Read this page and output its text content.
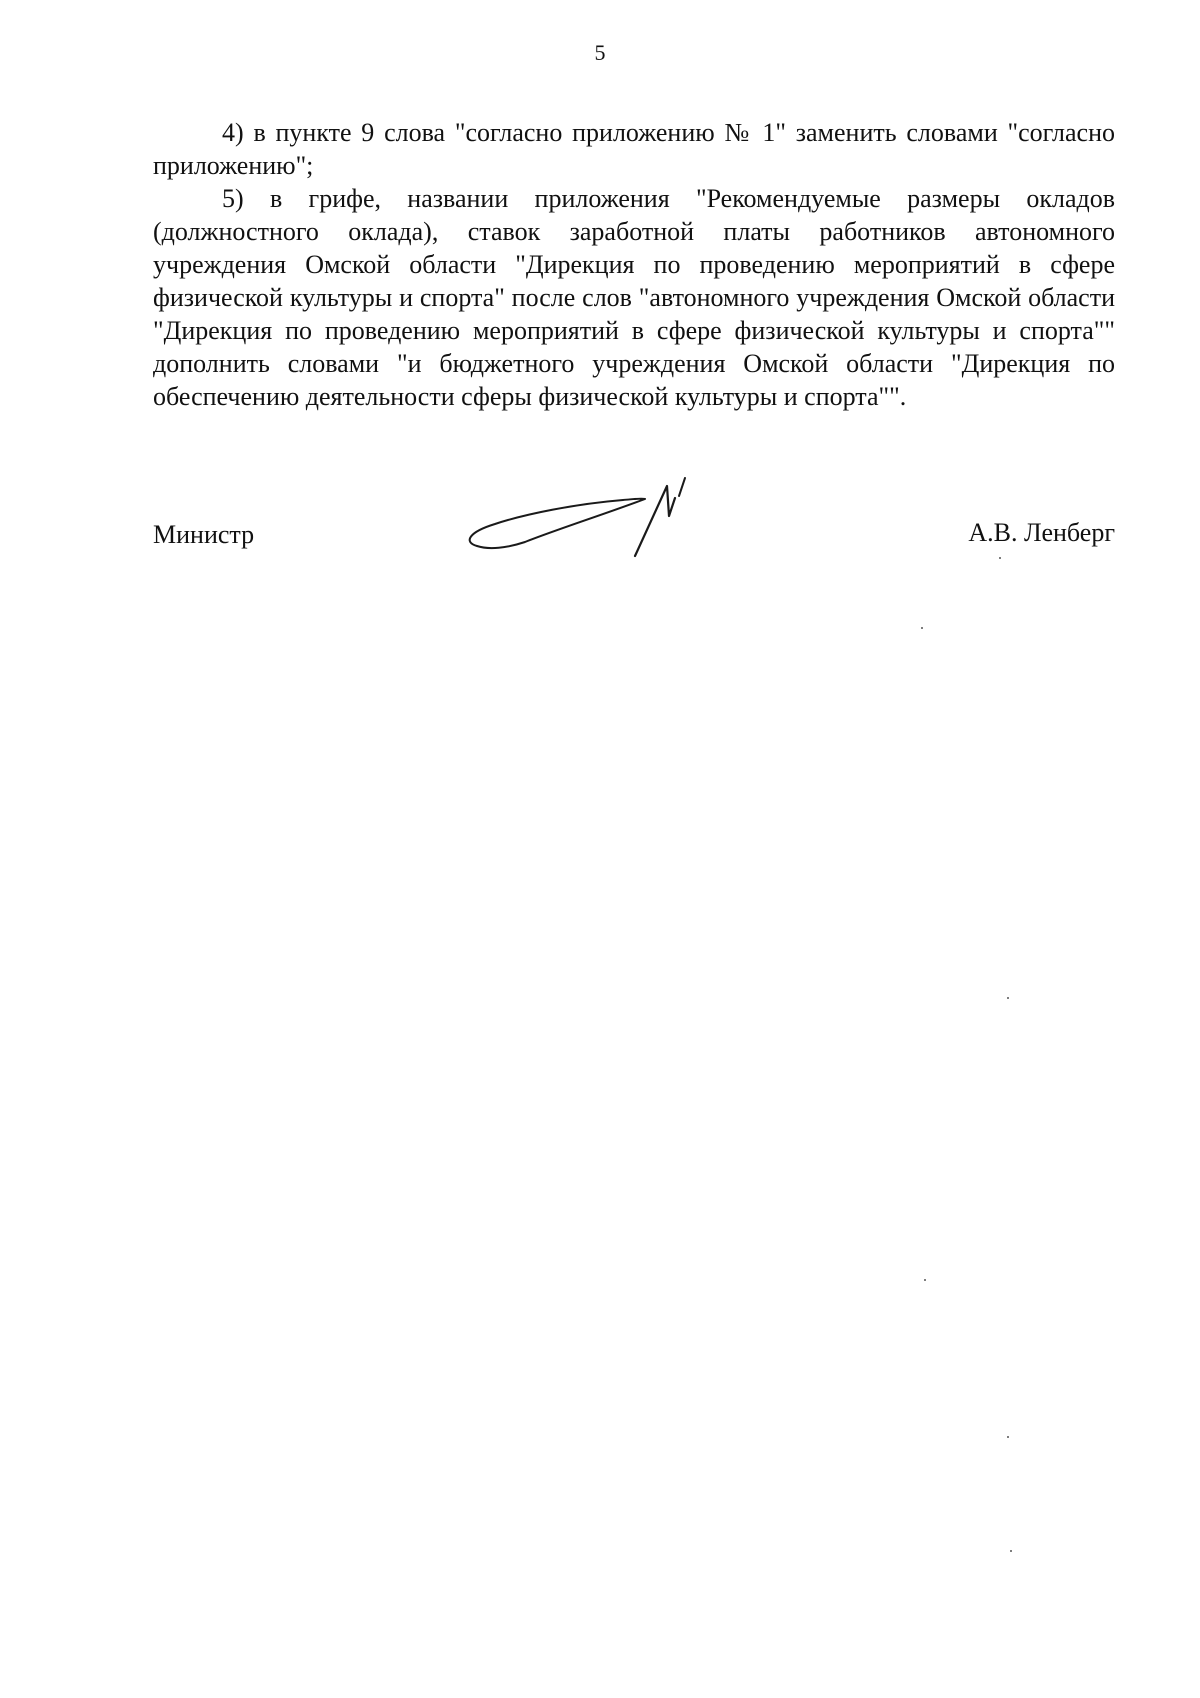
5

4) в пункте 9 слова "согласно приложению № 1" заменить словами "согласно приложению";

5) в грифе, названии приложения "Рекомендуемые размеры окладов (должностного оклада), ставок заработной платы работников автономного учреждения Омской области "Дирекция по проведению мероприятий в сфере физической культуры и спорта" после слов "автономного учреждения Омской области "Дирекция по проведению мероприятий в сфере физической культуры и спорта"" дополнить словами "и бюджетного учреждения Омской области "Дирекция по обеспечению деятельности сферы физической культуры и спорта"".

Министр	А.В. Ленберг
